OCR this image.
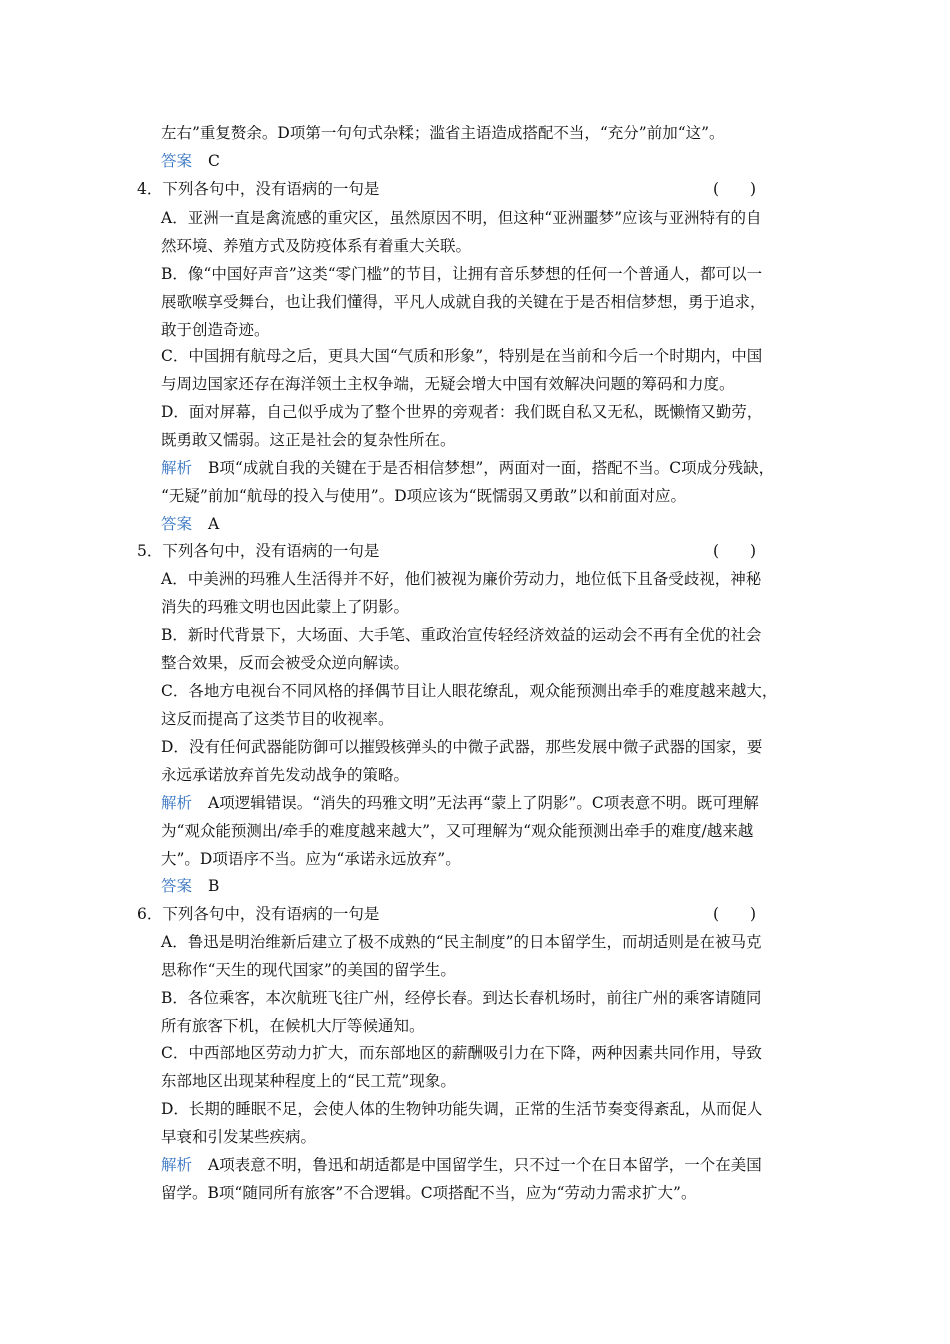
左右”重复赘余。D项第一句句式杂糅；滥省主语造成搭配不当，“充分”前加“这”。
答案 C
4．下列各句中，没有语病的一句是	(　　)
A．亚洲一直是禽流感的重灾区，虽然原因不明，但这种“亚洲噩梦”应该与亚洲特有的自
然环境、养殖方式及防疫体系有着重大关联。
B．像“中国好声音”这类“零门槛”的节目，让拥有音乐梦想的任何一个普通人，都可以一
展歌喉享受舞台，也让我们懂得，平凡人成就自我的关键在于是否相信梦想，勇于追求，
敢于创造奇迹。
C．中国拥有航母之后，更具大国“气质和形象”，特别是在当前和今后一个时期内，中国
与周边国家还存在海洋领土主权争端，无疑会增大中国有效解决问题的筹码和力度。
D．面对屏幕，自己似乎成为了整个世界的旁观者：我们既自私又无私，既懒惰又勤劳，
既勇敢又懦弱。这正是社会的复杂性所在。
解析 B项“成就自我的关键在于是否相信梦想”，两面对一面，搭配不当。C项成分残缺，
“无疑”前加“航母的投入与使用”。D项应该为“既懦弱又勇敢”以和前面对应。
答案 A
5．下列各句中，没有语病的一句是	(　　)
A．中美洲的玛雅人生活得并不好，他们被视为廉价劳动力，地位低下且备受歧视，神秘
消失的玛雅文明也因此蒙上了阴影。
B．新时代背景下，大场面、大手笔、重政治宣传轻经济效益的运动会不再有全优的社会
整合效果，反而会被受众逆向解读。
C．各地方电视台不同风格的择偶节目让人眼花缭乱，观众能预测出牵手的难度越来越大，
这反而提高了这类节目的收视率。
D．没有任何武器能防御可以摧毁核弹头的中微子武器，那些发展中微子武器的国家，要
永远承诺放弃首先发动战争的策略。
解析 A项逻辑错误。“消失的玛雅文明”无法再“蒙上了阴影”。C项表意不明。既可理解
为“观众能预测出/牵手的难度越来越大”，又可理解为“观众能预测出牵手的难度/越来越
大”。D项语序不当。应为“承诺永远放弃”。
答案 B
6．下列各句中，没有语病的一句是	(　　)
A．鲁迅是明治维新后建立了极不成熟的“民主制度”的日本留学生，而胡适则是在被马克
思称作“天生的现代国家”的美国的留学生。
B．各位乘客，本次航班飞往广州，经停长春。到达长春机场时，前往广州的乘客请随同
所有旅客下机，在候机大厅等候通知。
C．中西部地区劳动力扩大，而东部地区的薪酬吸引力在下降，两种因素共同作用，导致
东部地区出现某种程度上的“民工荒”现象。
D．长期的睡眠不足，会使人体的生物钟功能失调，正常的生活节奏变得紊乱，从而促人
早衰和引发某些疾病。
解析 A项表意不明，鲁迅和胡适都是中国留学生，只不过一个在日本留学，一个在美国
留学。B项“随同所有旅客”不合逻辑。C项搭配不当，应为“劳动力需求扩大”。
